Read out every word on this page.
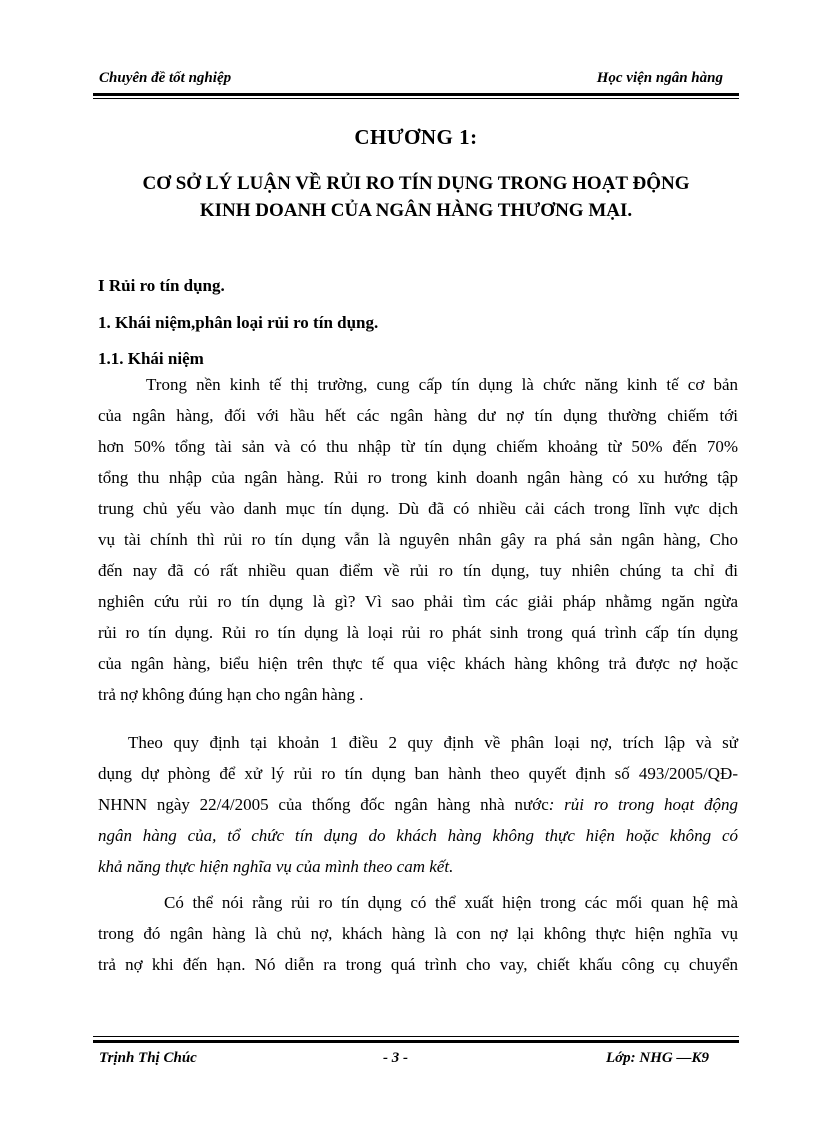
Chuyên đề tốt nghiệp	Học viện ngân hàng
CHƯƠNG 1:
CƠ SỞ LÝ LUẬN VỀ RỦI RO TÍN DỤNG TRONG HOẠT ĐỘNG
KINH DOANH CỦA NGÂN HÀNG THƯƠNG MẠI.
I Rủi ro tín dụng.
1. Khái niệm,phân loại rủi ro tín dụng.
1.1. Khái niệm
Trong nền kinh tế thị trường, cung cấp tín dụng là chức năng kinh tế cơ bản
của ngân hàng, đối với hầu hết các ngân hàng dư nợ tín dụng thường chiếm tới
hơn 50% tổng tài sản và có thu nhập từ tín dụng chiếm khoảng từ 50% đến 70%
tổng thu nhập của ngân hàng. Rủi ro trong kinh doanh ngân hàng có xu hướng tập
trung chủ yếu vào danh mục tín dụng. Dù đã có nhiều cải cách trong lĩnh vực dịch
vụ tài chính thì rủi ro tín dụng vẫn là nguyên nhân gây ra phá sản ngân hàng, Cho
đến nay đã có rất nhiều quan điểm về rủi ro tín dụng, tuy nhiên chúng ta chỉ đi
nghiên cứu rủi ro tín dụng là gì? Vì sao phải tìm các giải pháp nhằmg ngăn ngừa
rủi ro tín dụng. Rủi ro tín dụng là loại rủi ro phát sinh trong quá trình cấp tín dụng
của ngân hàng, biểu hiện trên thực tế qua việc khách hàng không trả được nợ hoặc
trả nợ không đúng hạn cho ngân hàng .
Theo quy định tại khoản 1 điều 2 quy định về phân loại nợ, trích lập và sử
dụng dự phòng để xử lý rủi ro tín dụng ban hành theo quyết định số 493/2005/QĐ-
NHNN ngày 22/4/2005 của thống đốc ngân hàng nhà nước: rủi ro trong hoạt động
ngân hàng của, tổ chức tín dụng do khách hàng không thực hiện hoặc không có
khả năng thực hiện nghĩa vụ của mình theo cam kết.
Có thể nói rằng rủi ro tín dụng có thể xuất hiện trong các mối quan hệ mà
trong đó ngân hàng là chủ nợ, khách hàng là con nợ lại không thực hiện nghĩa vụ
trả nợ khi đến hạn. Nó diễn ra trong quá trình cho vay, chiết khấu công cụ chuyển
Trịnh Thị Chúc	- 3 -	Lớp: NHG —K9
